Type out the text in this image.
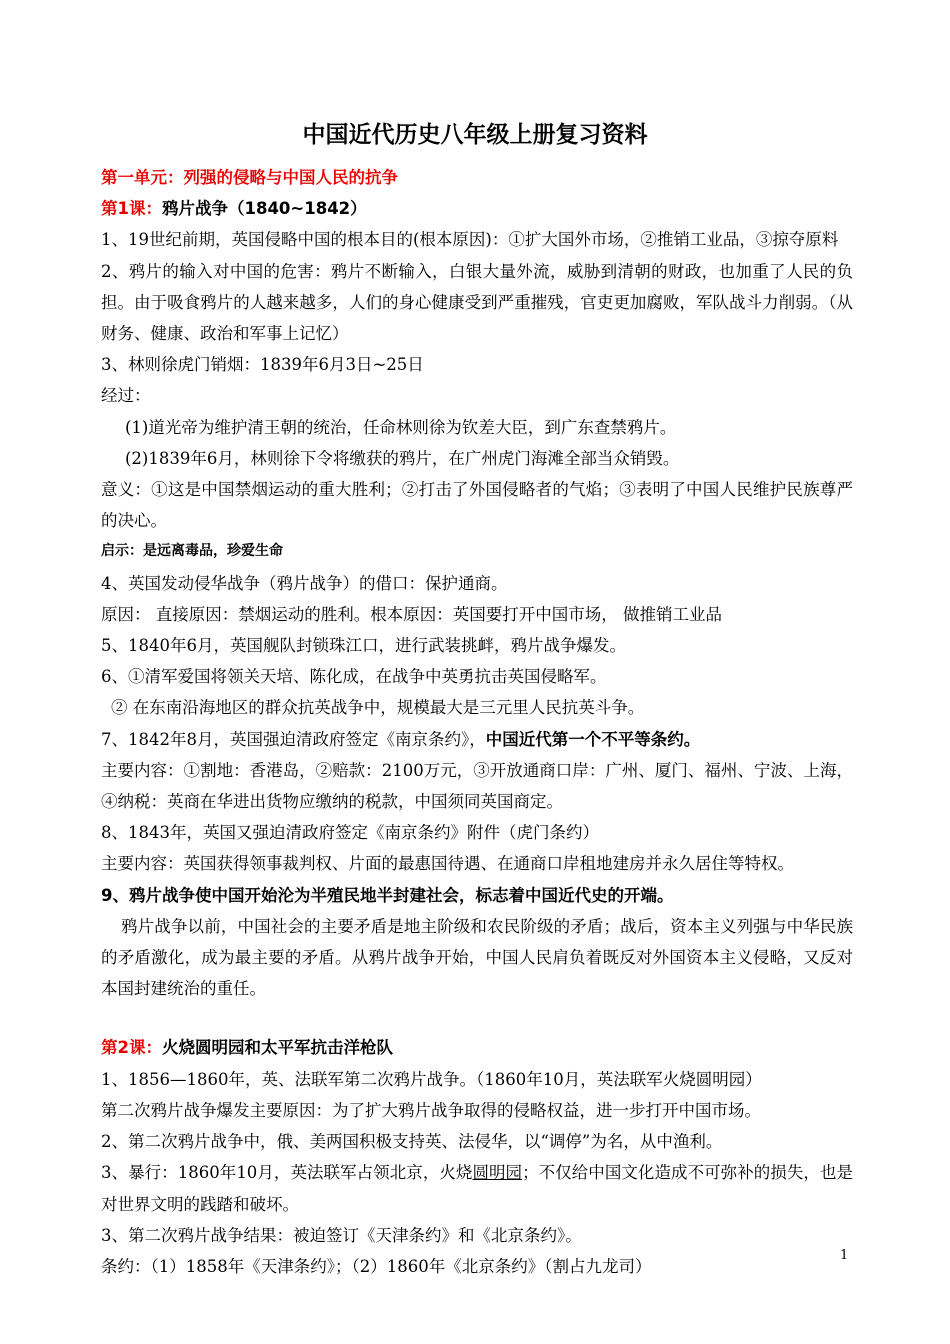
中国近代历史八年级上册复习资料

第一单元：列强的侵略与中国人民的抗争

第1课：鸦片战争（1840~1842）

1、19世纪前期，英国侵略中国的根本目的(根本原因)：①扩大国外市场，②推销工业品，③掠夺原料

2、鸦片的输入对中国的危害：鸦片不断输入，白银大量外流，威胁到清朝的财政，也加重了人民的负担。由于吸食鸦片的人越来越多，人们的身心健康受到严重摧残，官吏更加腐败，军队战斗力削弱。（从财务、健康、政治和军事上记忆）

3、林则徐虎门销烟：1839年6月3日~25日

经过：

(1)道光帝为维护清王朝的统治，任命林则徐为钦差大臣，到广东查禁鸦片。

(2)1839年6月，林则徐下令将缴获的鸦片，在广州虎门海滩全部当众销毁。

意义：①这是中国禁烟运动的重大胜利；②打击了外国侵略者的气焰；③表明了中国人民维护民族尊严的决心。

启示：是远离毒品，珍爱生命

4、英国发动侵华战争（鸦片战争）的借口：保护通商。

原因： 直接原因：禁烟运动的胜利。根本原因：英国要打开中国市场， 做推销工业品

5、1840年6月，英国舰队封锁珠江口，进行武装挑衅，鸦片战争爆发。

6、①清军爱国将领关天培、陈化成，在战争中英勇抗击英国侵略军。

② 在东南沿海地区的群众抗英战争中，规模最大是三元里人民抗英斗争。

7、1842年8月，英国强迫清政府签定《南京条约》，中国近代第一个不平等条约。

主要内容：①割地：香港岛，②赔款：2100万元，③开放通商口岸：广州、厦门、福州、宁波、上海，④纳税：英商在华进出货物应缴纳的税款，中国须同英国商定。

8、1843年，英国又强迫清政府签定《南京条约》附件（虎门条约）

主要内容：英国获得领事裁判权、片面的最惠国待遇、在通商口岸租地建房并永久居住等特权。

9、鸦片战争使中国开始沦为半殖民地半封建社会，标志着中国近代史的开端。

鸦片战争以前，中国社会的主要矛盾是地主阶级和农民阶级的矛盾；战后，资本主义列强与中华民族的矛盾激化，成为最主要的矛盾。从鸦片战争开始，中国人民肩负着既反对外国资本主义侵略，又反对本国封建统治的重任。

第2课：火烧圆明园和太平军抗击洋枪队

1、1856—1860年，英、法联军第二次鸦片战争。（1860年10月，英法联军火烧圆明园）

第二次鸦片战争爆发主要原因：为了扩大鸦片战争取得的侵略权益，进一步打开中国市场。

2、第二次鸦片战争中，俄、美两国积极支持英、法侵华，以“调停”为名，从中渔利。

3、暴行：1860年10月，英法联军占领北京，火烧圆明园；不仅给中国文化造成不可弥补的损失，也是对世界文明的践踏和破坏。

3、第二次鸦片战争结果：被迫签订《天津条约》和《北京条约》。

条约：（1）1858年《天津条约》；（2）1860年《北京条约》（割占九龙司）

1
